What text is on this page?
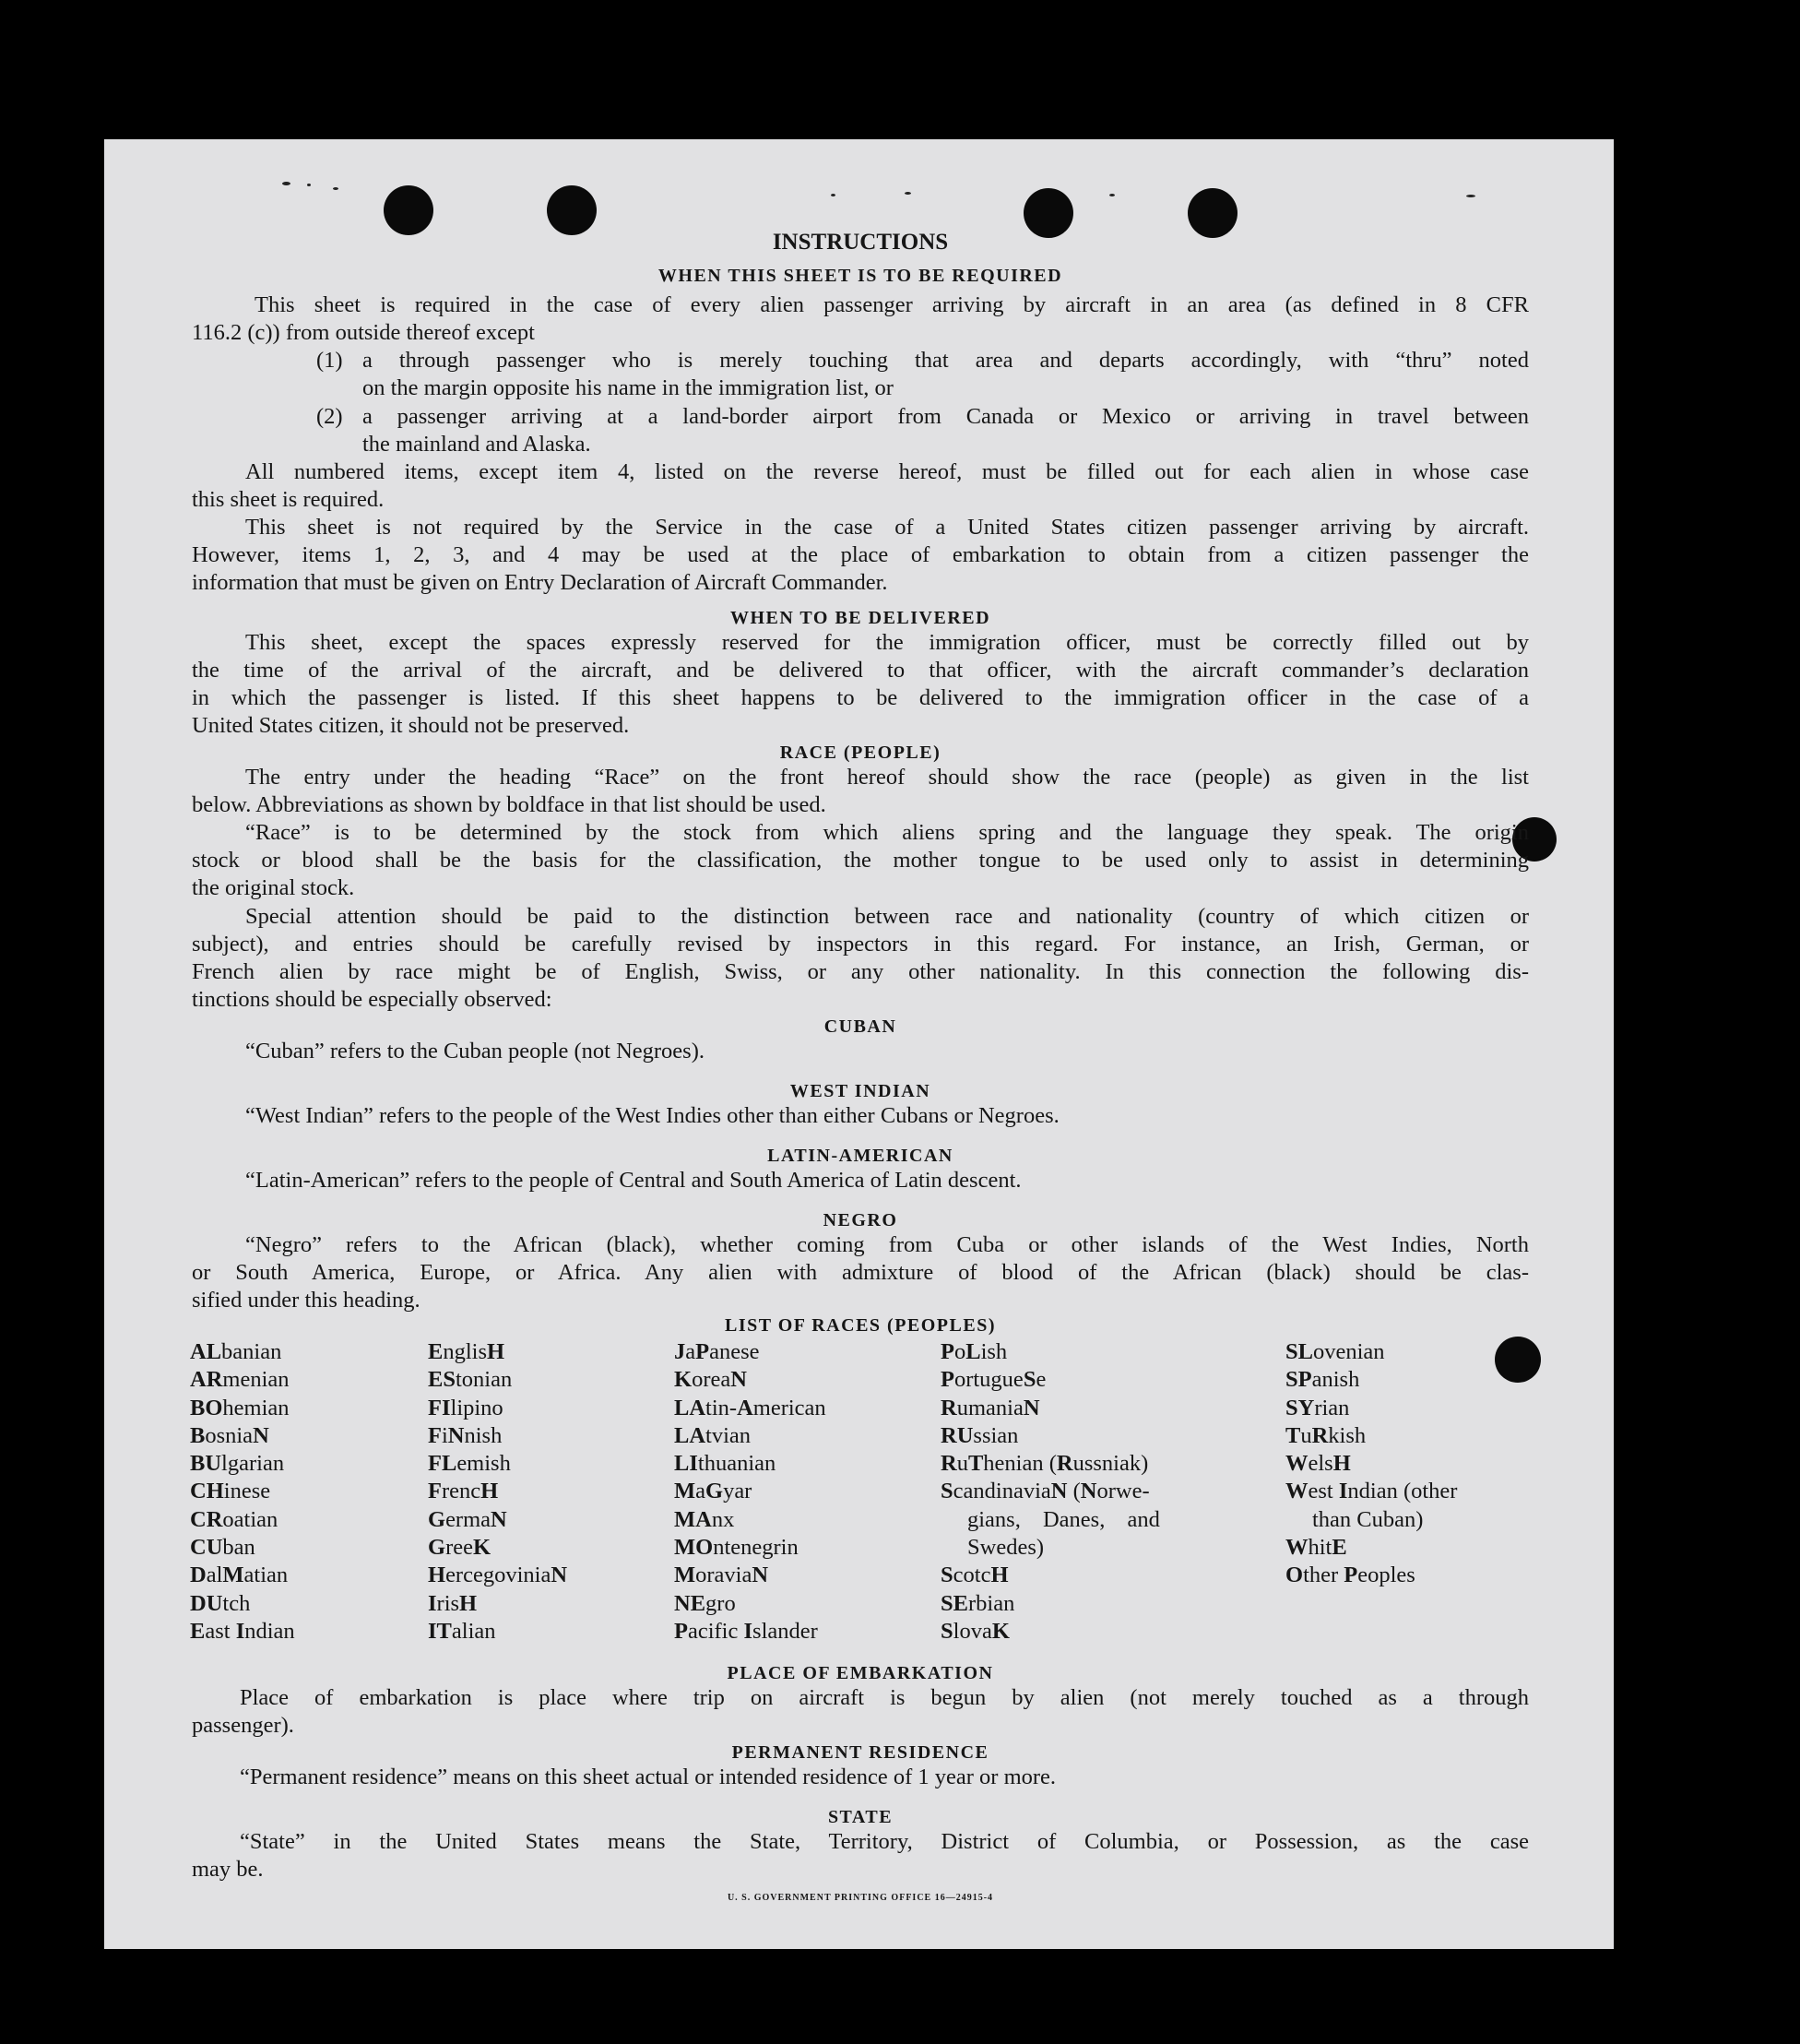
INSTRUCTIONS
WHEN THIS SHEET IS TO BE REQUIRED
This sheet is required in the case of every alien passenger arriving by aircraft in an area (as defined in 8 CFR
116.2 (c)) from outside thereof except
(1) a through passenger who is merely touching that area and departs accordingly, with “thru” noted
on the margin opposite his name in the immigration list, or
(2) a passenger arriving at a land-border airport from Canada or Mexico or arriving in travel between
the mainland and Alaska.
All numbered items, except item 4, listed on the reverse hereof, must be filled out for each alien in whose case
this sheet is required.
This sheet is not required by the Service in the case of a United States citizen passenger arriving by aircraft.
However, items 1, 2, 3, and 4 may be used at the place of embarkation to obtain from a citizen passenger the
information that must be given on Entry Declaration of Aircraft Commander.
WHEN TO BE DELIVERED
This sheet, except the spaces expressly reserved for the immigration officer, must be correctly filled out by
the time of the arrival of the aircraft, and be delivered to that officer, with the aircraft commander’s declaration
in which the passenger is listed. If this sheet happens to be delivered to the immigration officer in the case of a
United States citizen, it should not be preserved.
RACE (PEOPLE)
The entry under the heading “Race” on the front hereof should show the race (people) as given in the list
below. Abbreviations as shown by boldface in that list should be used.
“Race” is to be determined by the stock from which aliens spring and the language they speak. The origin
stock or blood shall be the basis for the classification, the mother tongue to be used only to assist in determining
the original stock.
Special attention should be paid to the distinction between race and nationality (country of which citizen or
subject), and entries should be carefully revised by inspectors in this regard. For instance, an Irish, German, or
French alien by race might be of English, Swiss, or any other nationality. In this connection the following dis-
tinctions should be especially observed:
CUBAN
“Cuban” refers to the Cuban people (not Negroes).
WEST INDIAN
“West Indian” refers to the people of the West Indies other than either Cubans or Negroes.
LATIN-AMERICAN
“Latin-American” refers to the people of Central and South America of Latin descent.
NEGRO
“Negro” refers to the African (black), whether coming from Cuba or other islands of the West Indies, North
or South America, Europe, or Africa. Any alien with admixture of blood of the African (black) should be clas-
sified under this heading.
LIST OF RACES (PEOPLES)
ALbanian
ARmenian
BOhemian
BosniaN
BUlgarian
CHinese
CRoatian
CUban
DalMatian
DUtch
East Indian
EnglisH
EStonian
FIlipino
FiNnish
FLemish
FrencH
GermaN
GreeK
HercegoviniaN
IrisH
ITalian
JaPanese
KoreaN
LAtin-American
LAtvian
LIthuanian
MaGyar
MAnx
MOntenegrin
MoraviaN
NEgro
Pacific Islander
PoLish
PortugueSe
RumaniaN
RUssian
RuThenian (Russniak)
ScandinaviaN (Norwe-
gians, Danes, and
Swedes)
ScotcH
SErbian
SlovaK
SLovenian
SPanish
SYrian
TuRkish
WelsH
West Indian (other
than Cuban)
WhitE
Other Peoples
PLACE OF EMBARKATION
Place of embarkation is place where trip on aircraft is begun by alien (not merely touched as a through
passenger).
PERMANENT RESIDENCE
“Permanent residence” means on this sheet actual or intended residence of 1 year or more.
STATE
“State” in the United States means the State, Territory, District of Columbia, or Possession, as the case
may be.
U. S. GOVERNMENT PRINTING OFFICE 16—24915-4
